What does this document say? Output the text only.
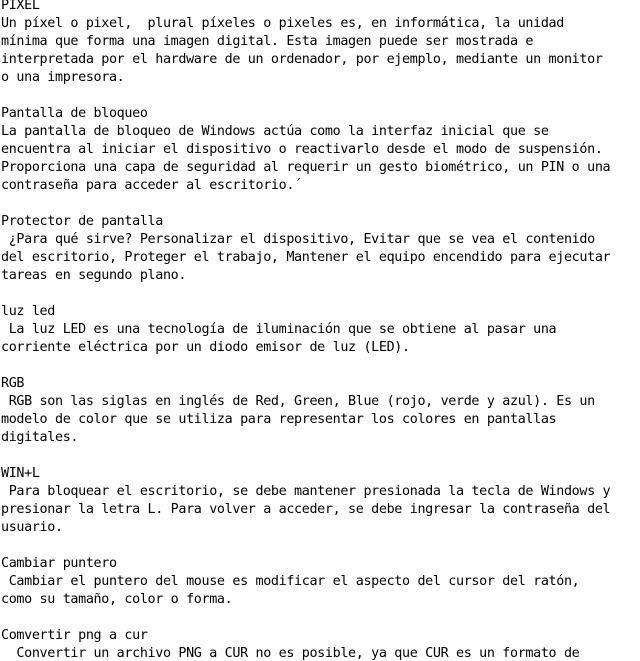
PIXEL
Un píxel o pixel,  plural píxeles o pixeles es, en informática, la unidad
mínima que forma una imagen digital. Esta imagen puede ser mostrada e
interpretada por el hardware de un ordenador, por ejemplo, mediante un monitor
o una impresora.
Pantalla de bloqueo
La pantalla de bloqueo de Windows actúa como la interfaz inicial que se
encuentra al iniciar el dispositivo o reactivarlo desde el modo de suspensión.
Proporciona una capa de seguridad al requerir un gesto biométrico, un PIN o una
contraseña para acceder al escritorio.´
Protector de pantalla
¿Para qué sirve? Personalizar el dispositivo, Evitar que se vea el contenido
del escritorio, Proteger el trabajo, Mantener el equipo encendido para ejecutar
tareas en segundo plano.
luz led
La luz LED es una tecnología de iluminación que se obtiene al pasar una
corriente eléctrica por un diodo emisor de luz (LED).
RGB
RGB son las siglas en inglés de Red, Green, Blue (rojo, verde y azul). Es un
modelo de color que se utiliza para representar los colores en pantallas
digitales.
WIN+L
Para bloquear el escritorio, se debe mantener presionada la tecla de Windows y
presionar la letra L. Para volver a acceder, se debe ingresar la contraseña del
usuario.
Cambiar puntero
Cambiar el puntero del mouse es modificar el aspecto del cursor del ratón,
como su tamaño, color o forma.
Comvertir png a cur
Convertir un archivo PNG a CUR no es posible, ya que CUR es un formato de
